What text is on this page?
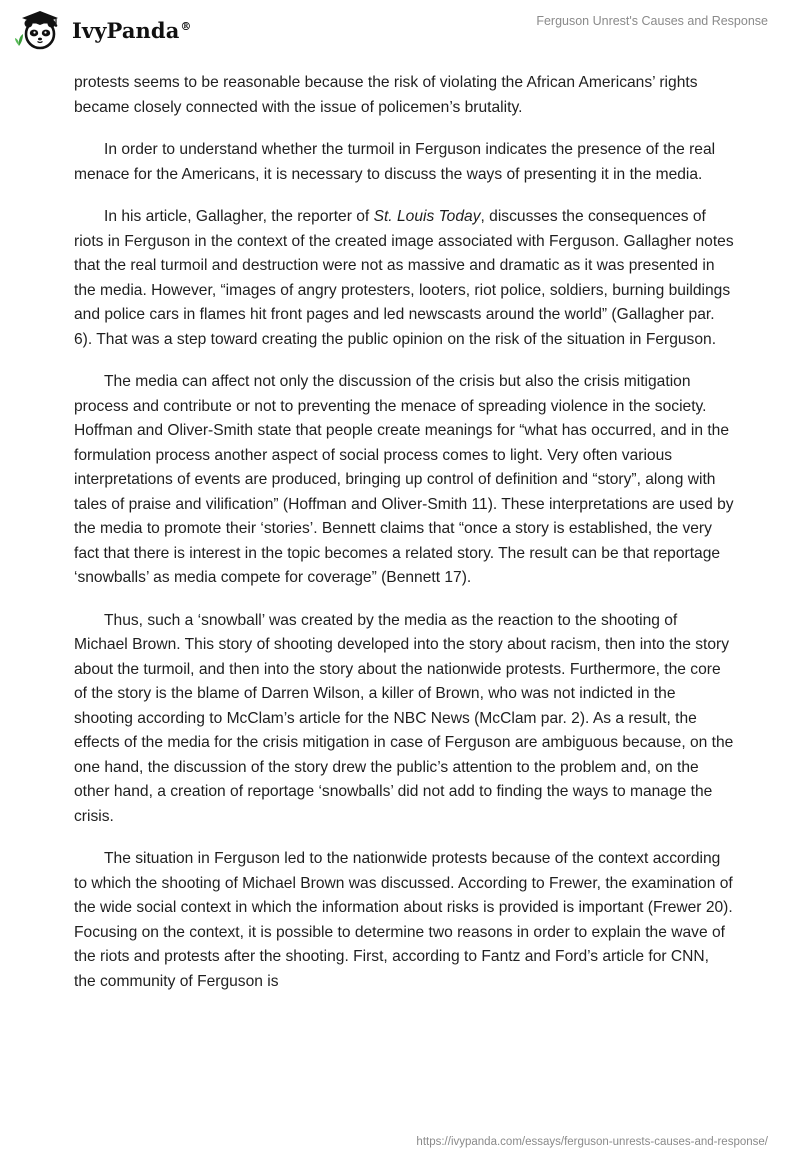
IvyPanda®	Ferguson Unrest's Causes and Response

protests seems to be reasonable because the risk of violating the African Americans’ rights became closely connected with the issue of policemen’s brutality.

In order to understand whether the turmoil in Ferguson indicates the presence of the real menace for the Americans, it is necessary to discuss the ways of presenting it in the media.

In his article, Gallagher, the reporter of St. Louis Today, discusses the consequences of riots in Ferguson in the context of the created image associated with Ferguson. Gallagher notes that the real turmoil and destruction were not as massive and dramatic as it was presented in the media. However, “images of angry protesters, looters, riot police, soldiers, burning buildings and police cars in flames hit front pages and led newscasts around the world” (Gallagher par. 6). That was a step toward creating the public opinion on the risk of the situation in Ferguson.

The media can affect not only the discussion of the crisis but also the crisis mitigation process and contribute or not to preventing the menace of spreading violence in the society. Hoffman and Oliver-Smith state that people create meanings for “what has occurred, and in the formulation process another aspect of social process comes to light. Very often various interpretations of events are produced, bringing up control of definition and “story”, along with tales of praise and vilification” (Hoffman and Oliver-Smith 11). These interpretations are used by the media to promote their ‘stories’. Bennett claims that “once a story is established, the very fact that there is interest in the topic becomes a related story. The result can be that reportage ‘snowballs’ as media compete for coverage” (Bennett 17).

Thus, such a ‘snowball’ was created by the media as the reaction to the shooting of Michael Brown. This story of shooting developed into the story about racism, then into the story about the turmoil, and then into the story about the nationwide protests. Furthermore, the core of the story is the blame of Darren Wilson, a killer of Brown, who was not indicted in the shooting according to McClam’s article for the NBC News (McClam par. 2). As a result, the effects of the media for the crisis mitigation in case of Ferguson are ambiguous because, on the one hand, the discussion of the story drew the public’s attention to the problem and, on the other hand, a creation of reportage ‘snowballs’ did not add to finding the ways to manage the crisis.

The situation in Ferguson led to the nationwide protests because of the context according to which the shooting of Michael Brown was discussed. According to Frewer, the examination of the wide social context in which the information about risks is provided is important (Frewer 20). Focusing on the context, it is possible to determine two reasons in order to explain the wave of the riots and protests after the shooting. First, according to Fantz and Ford’s article for CNN, the community of Ferguson is

https://ivypanda.com/essays/ferguson-unrests-causes-and-response/
